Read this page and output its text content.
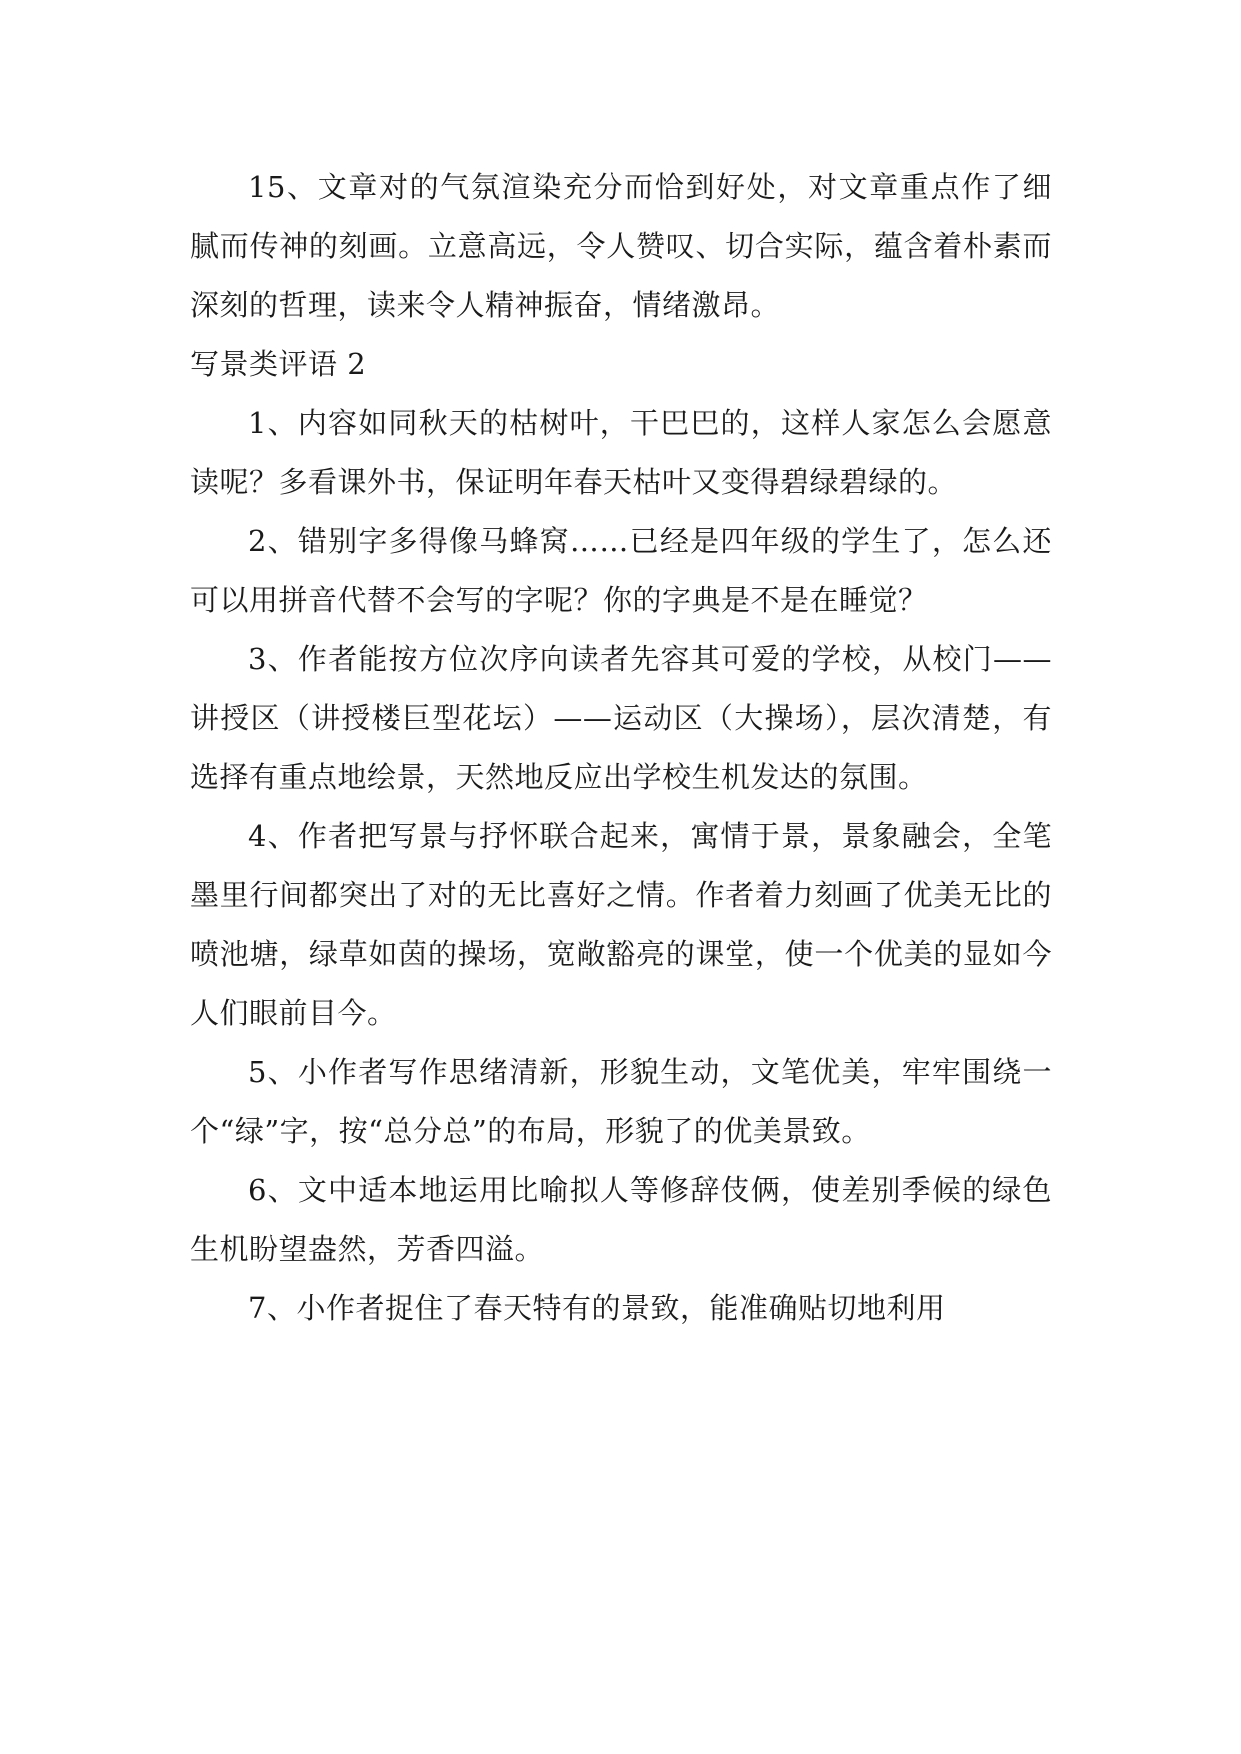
15、文章对的气氛渲染充分而恰到好处，对文章重点作了细腻而传神的刻画。立意高远，令人赞叹、切合实际，蕴含着朴素而深刻的哲理，读来令人精神振奋，情绪激昂。

写景类评语 2

1、内容如同秋天的枯树叶，干巴巴的，这样人家怎么会愿意读呢？多看课外书，保证明年春天枯叶又变得碧绿碧绿的。

2、错别字多得像马蜂窝……已经是四年级的学生了，怎么还可以用拼音代替不会写的字呢？你的字典是不是在睡觉？

3、作者能按方位次序向读者先容其可爱的学校，从校门——讲授区（讲授楼巨型花坛）——运动区（大操场），层次清楚，有选择有重点地绘景，天然地反应出学校生机发达的氛围。

4、作者把写景与抒怀联合起来，寓情于景，景象融会，全笔墨里行间都突出了对的无比喜好之情。作者着力刻画了优美无比的喷池塘，绿草如茵的操场，宽敞豁亮的课堂，使一个优美的显如今人们眼前目今。

5、小作者写作思绪清新，形貌生动，文笔优美，牢牢围绕一个“绿”字，按“总分总”的布局，形貌了的优美景致。

6、文中适本地运用比喻拟人等修辞伎俩，使差别季候的绿色生机盼望盎然，芳香四溢。

7、小作者捉住了春天特有的景致，能准确贴切地利用
